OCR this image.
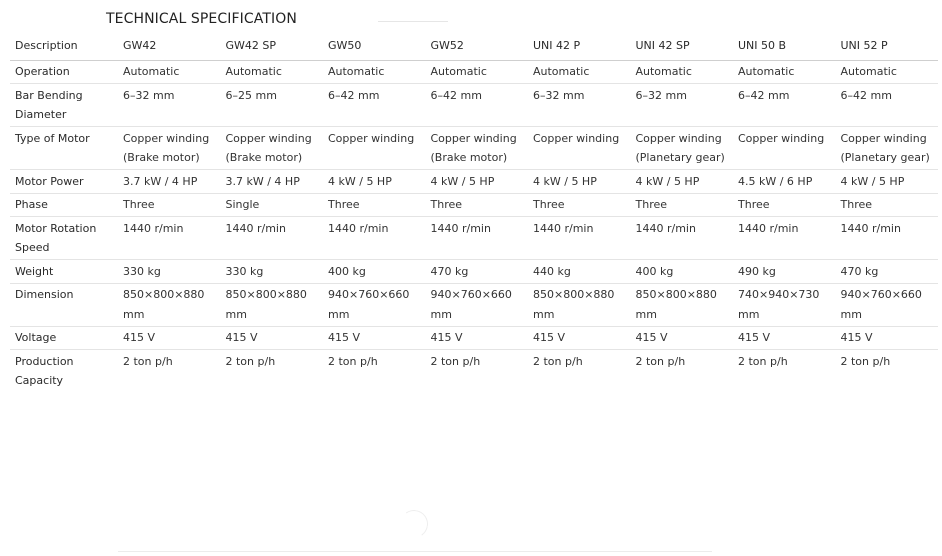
TECHNICAL SPECIFICATION
Description	GW42	GW42 SP	GW50	GW52	UNI 42 P	UNI 42 SP	UNI 50 B	UNI 52 P
Operation	Automatic	Automatic	Automatic	Automatic	Automatic	Automatic	Automatic	Automatic
Bar Bending Diameter	6–32 mm	6–25 mm	6–42 mm	6–42 mm	6–32 mm	6–32 mm	6–42 mm	6–42 mm
Type of Motor	Copper winding (Brake motor)	Copper winding (Brake motor)	Copper winding	Copper winding (Brake motor)	Copper winding	Copper winding (Planetary gear)	Copper winding	Copper winding (Planetary gear)
Motor Power	3.7 kW / 4 HP	3.7 kW / 4 HP	4 kW / 5 HP	4 kW / 5 HP	4 kW / 5 HP	4 kW / 5 HP	4.5 kW / 6 HP	4 kW / 5 HP
Phase	Three	Single	Three	Three	Three	Three	Three	Three
Motor Rotation Speed	1440 r/min	1440 r/min	1440 r/min	1440 r/min	1440 r/min	1440 r/min	1440 r/min	1440 r/min
Weight	330 kg	330 kg	400 kg	470 kg	440 kg	400 kg	490 kg	470 kg
Dimension	850×800×880 mm	850×800×880 mm	940×760×660 mm	940×760×660 mm	850×800×880 mm	850×800×880 mm	740×940×730 mm	940×760×660 mm
Voltage	415 V	415 V	415 V	415 V	415 V	415 V	415 V	415 V
Production Capacity	2 ton p/h	2 ton p/h	2 ton p/h	2 ton p/h	2 ton p/h	2 ton p/h	2 ton p/h	2 ton p/h
